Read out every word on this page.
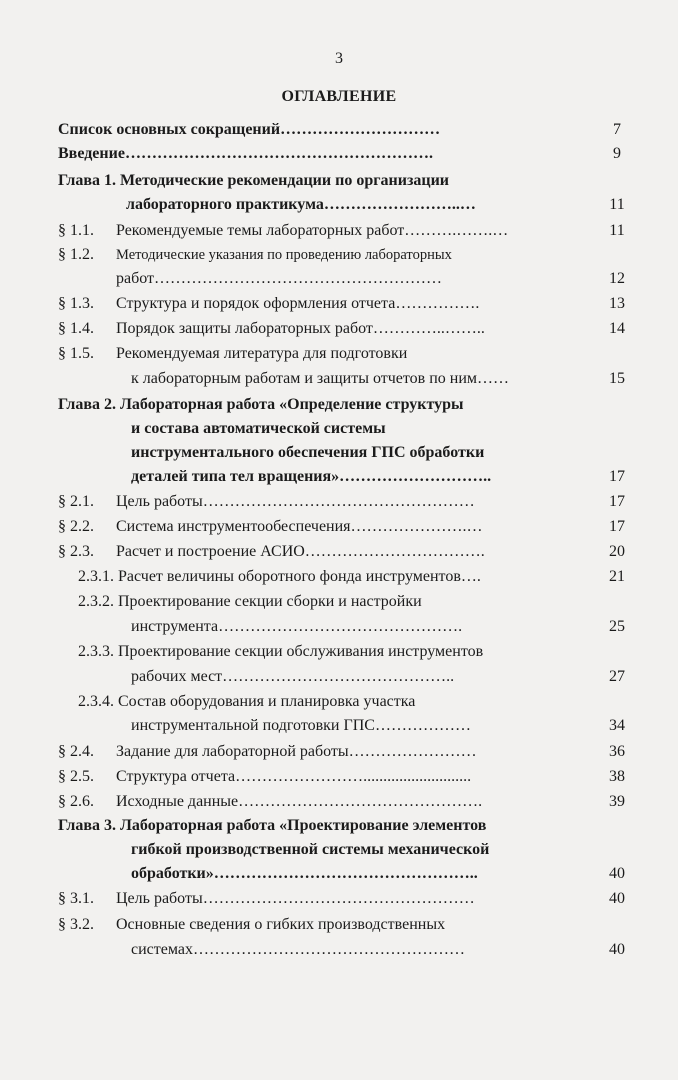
3
ОГЛАВЛЕНИЕ
Список основных сокращений…………………………	7
Введение………………………………………………….	9
Глава 1. Методические рекомендации по организации
лабораторного практикума……………………..…	11
§ 1.1. Рекомендуемые темы лабораторных работ……….…….…	11
§ 1.2. Методические указания по проведению лабораторных
работ………………………………………………	12
§ 1.3. Структура и порядок оформления отчета…………….	13
§ 1.4. Порядок защиты лабораторных работ…………..……..	14
§ 1.5. Рекомендуемая литература для подготовки
к лабораторным работам и защиты отчетов по ним……	15
Глава 2. Лабораторная работа «Определение структуры
и состава автоматической системы
инструментального обеспечения ГПС обработки
деталей типа тел вращения»………………………..	17
§ 2.1. Цель работы……………………………………………	17
§ 2.2. Система инструментообеспечения………………….…	17
§ 2.3. Расчет и построение АСИО…………………………….	20
2.3.1. Расчет величины оборотного фонда инструментов….	21
2.3.2. Проектирование секции сборки и настройки
инструмента……………………………………….	25
2.3.3. Проектирование секции обслуживания инструментов
рабочих мест……………………………………..	27
2.3.4. Состав оборудования и планировка участка
инструментальной подготовки ГПС………………	34
§ 2.4. Задание для лабораторной работы……………………	36
§ 2.5. Структура отчета……………………...........................	38
§ 2.6. Исходные данные……………………………………….	39
Глава 3. Лабораторная работа «Проектирование элементов
гибкой производственной системы механической
обработки»…………………………………………..	40
§ 3.1. Цель работы……………………………………………	40
§ 3.2. Основные сведения о гибких производственных
системах……………………………………………	40
